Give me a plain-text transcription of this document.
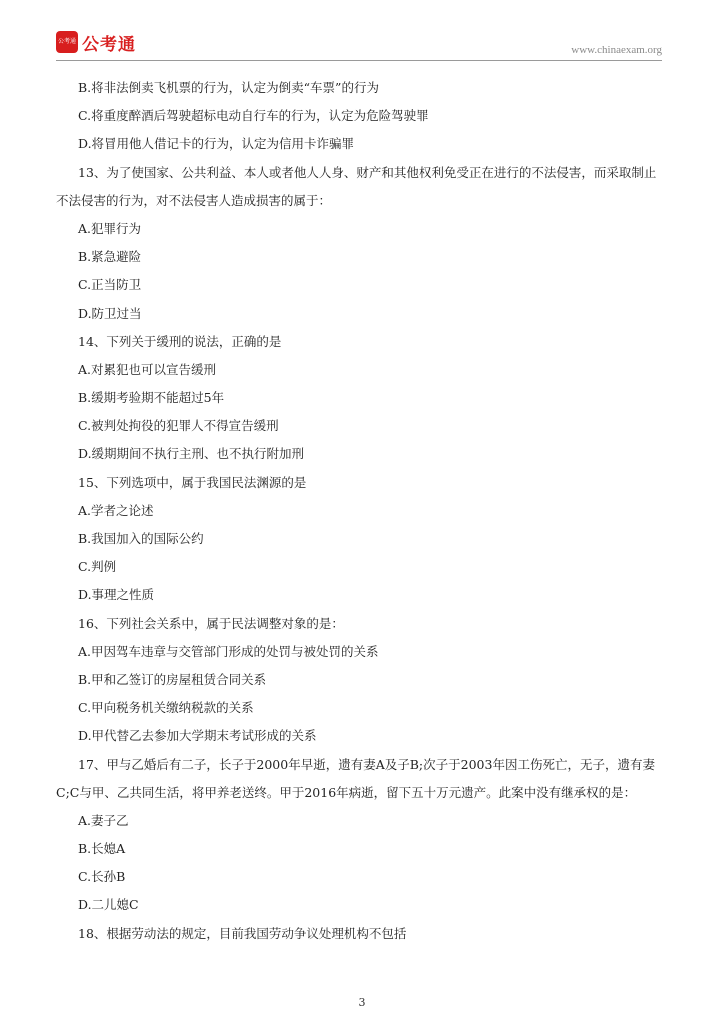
公考通 公考通	www.chinaexam.org
B.将非法倒卖飞机票的行为，认定为倒卖“车票”的行为
C.将重度醉酒后驾驶超标电动自行车的行为，认定为危险驾驶罪
D.将冒用他人借记卡的行为，认定为信用卡诈骗罪
13、为了使国家、公共利益、本人或者他人人身、财产和其他权利免受正在进行的不法侵害，而采取制止
不法侵害的行为，对不法侵害人造成损害的属于：
A.犯罪行为
B.紧急避险
C.正当防卫
D.防卫过当
14、下列关于缓刑的说法，正确的是
A.对累犯也可以宣告缓刑
B.缓期考验期不能超过5年
C.被判处拘役的犯罪人不得宣告缓刑
D.缓期期间不执行主刑、也不执行附加刑
15、下列选项中，属于我国民法渊源的是
A.学者之论述
B.我国加入的国际公约
C.判例
D.事理之性质
16、下列社会关系中，属于民法调整对象的是：
A.甲因驾车违章与交管部门形成的处罚与被处罚的关系
B.甲和乙签订的房屋租赁合同关系
C.甲向税务机关缴纳税款的关系
D.甲代替乙去参加大学期末考试形成的关系
17、甲与乙婚后有二子，长子于2000年早逝，遗有妻A及子B;次子于2003年因工伤死亡，无子，遗有妻
C;C与甲、乙共同生活，将甲养老送终。甲于2016年病逝，留下五十万元遗产。此案中没有继承权的是：
A.妻子乙
B.长媳A
C.长孙B
D.二儿媳C
18、根据劳动法的规定，目前我国劳动争议处理机构不包括
3
